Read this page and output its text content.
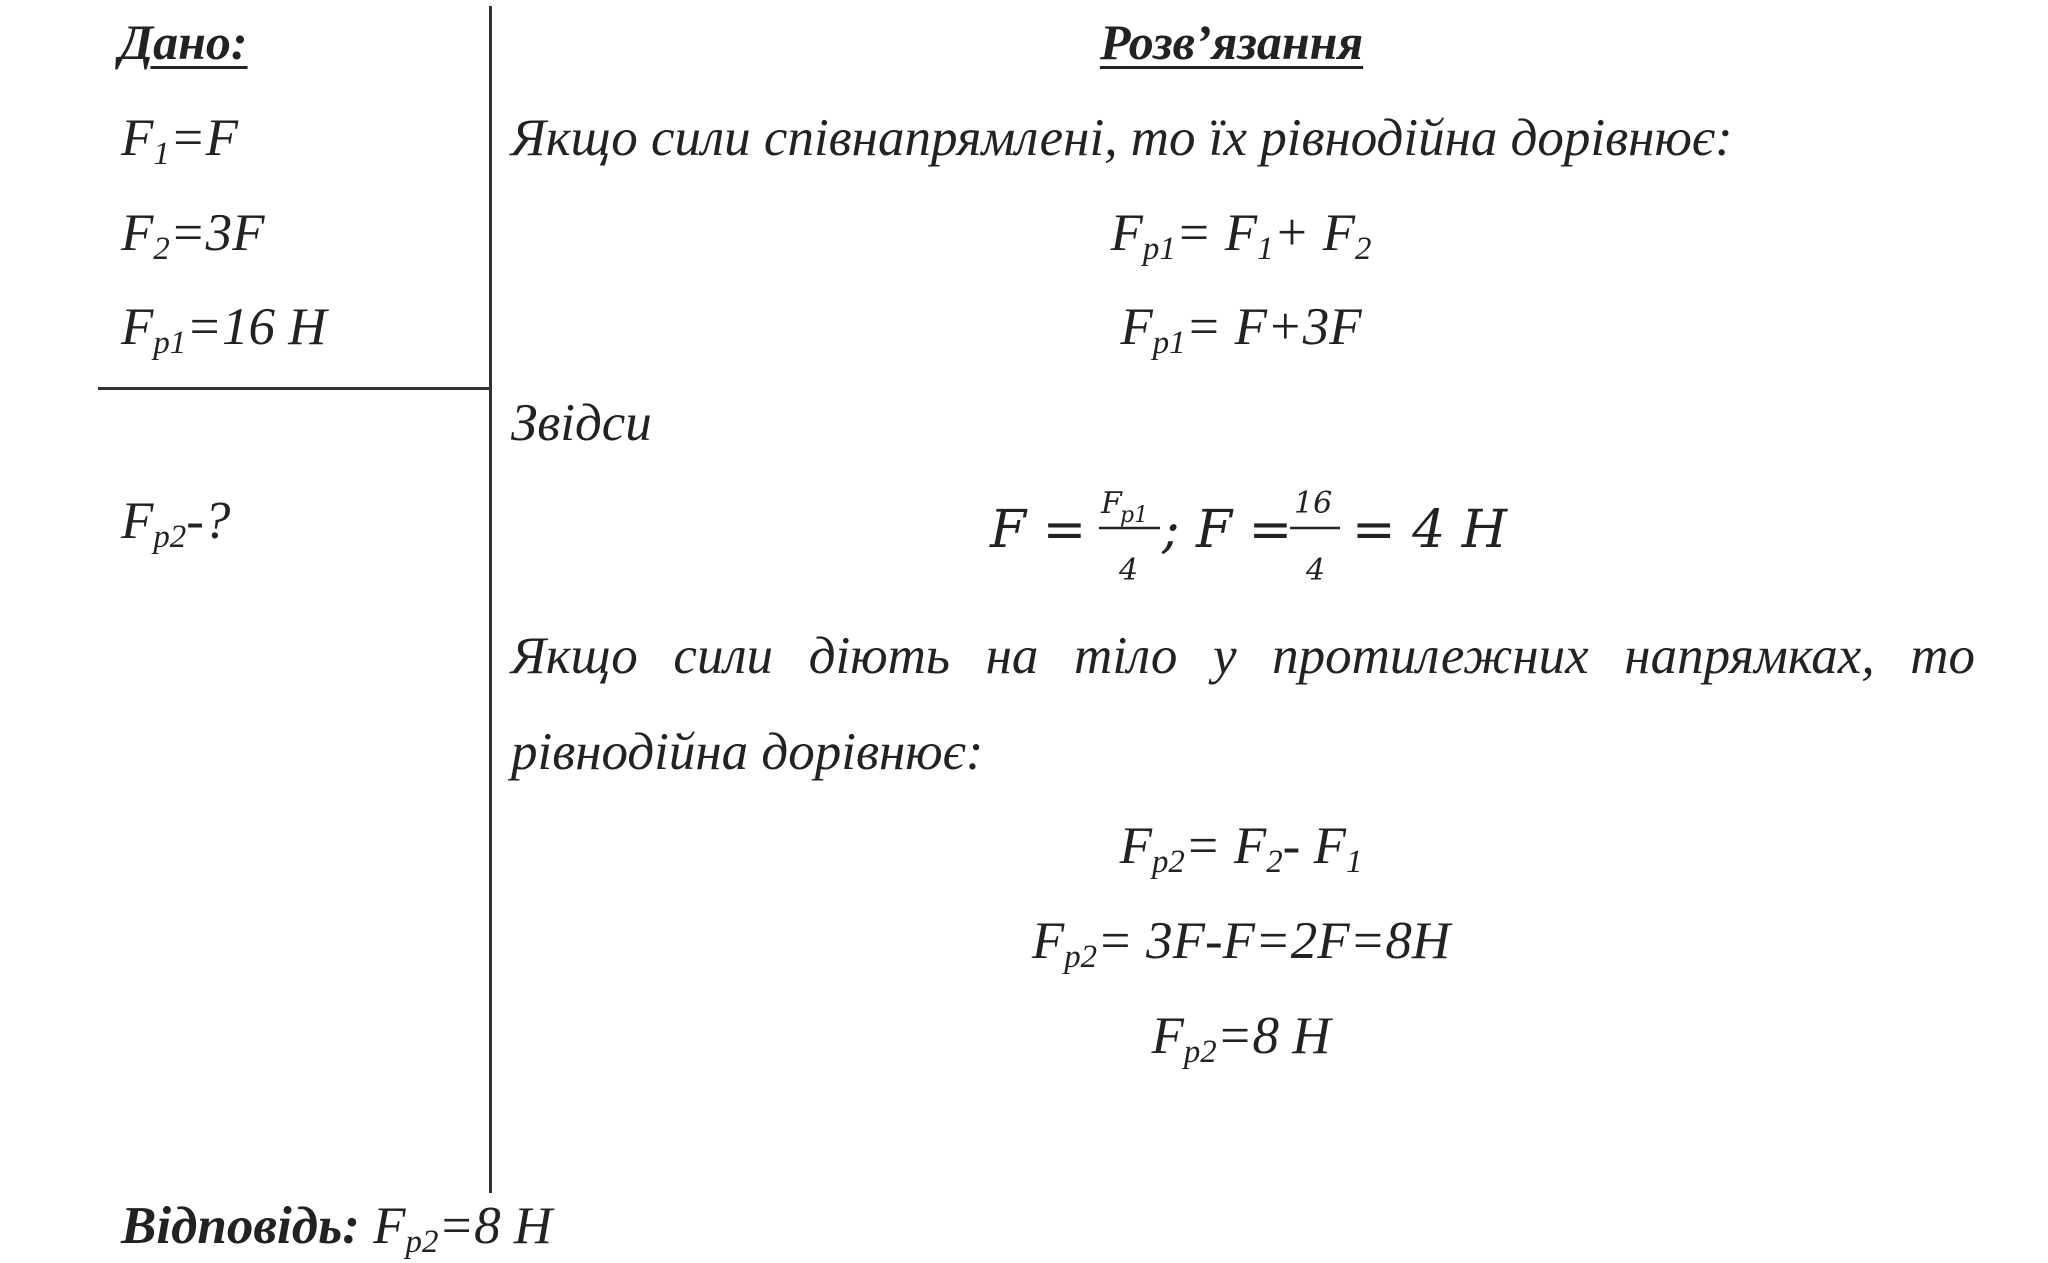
Дано:
$F_1=F$
$F_2=3F$
$F_{p1}=16$ H
$F_{p2}-$?
Розв’язання
Якщо сили співнапрямлені, то їх рівнодійна дорівнює:
$F_{p1}= F_1+ F_2$
$F_{p1}= F+3F$
Звідси
F = F
p1
4
; F = 16
4
= 4 H
Якщо сили діють на тіло у протилежних напрямках, то
рівнодійна дорівнює:
$F_{p2}= F_2-$ $F_1$
$F_{p2}= 3F-F=2F=8H$
$F_{p2}=8$ H
Відповідь: $F_{p2}=8$ H
